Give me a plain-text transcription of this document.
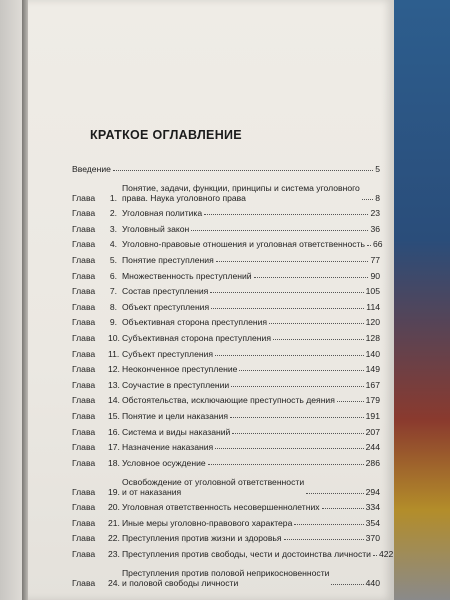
КРАТКОЕ ОГЛАВЛЕНИЕ
Введение	5
Глава	1.
Понятие, задачи, функции, принципы и система уголовного
права. Наука уголовного права	8
Глава	2. Уголовная политика	23
Глава	3. Уголовный закон	36
Глава	4. Уголовно-правовые отношения и уголовная ответственность 66
Глава	5. Понятие преступления	77
Глава	6. Множественность преступлений	90
Глава	7. Состав преступления	105
Глава	8. Объект преступления	114
Глава	9. Объективная сторона преступления	120
Глава	10. Субъективная сторона преступления	128
Глава	11. Субъект преступления	140
Глава	12. Неоконченное преступление	149
Глава	13. Соучастие в преступлении	167
Глава	14. Обстоятельства, исключающие преступность деяния	179
Глава	15. Понятие и цели наказания	191
Глава	16. Система и виды наказаний	207
Глава	17. Назначение наказания	244
Глава	18. Условное осуждение	286
Глава	19.
Освобождение от уголовной ответственности
и от наказания	294
Глава	20. Уголовная ответственность несовершеннолетних	334
Глава	21. Иные меры уголовно-правового характера	354
Глава	22. Преступления против жизни и здоровья	370
Глава	23. Преступления против свободы, чести и достоинства личности 422
Глава	24.
Преступления против половой неприкосновенности
и половой свободы личности	440
